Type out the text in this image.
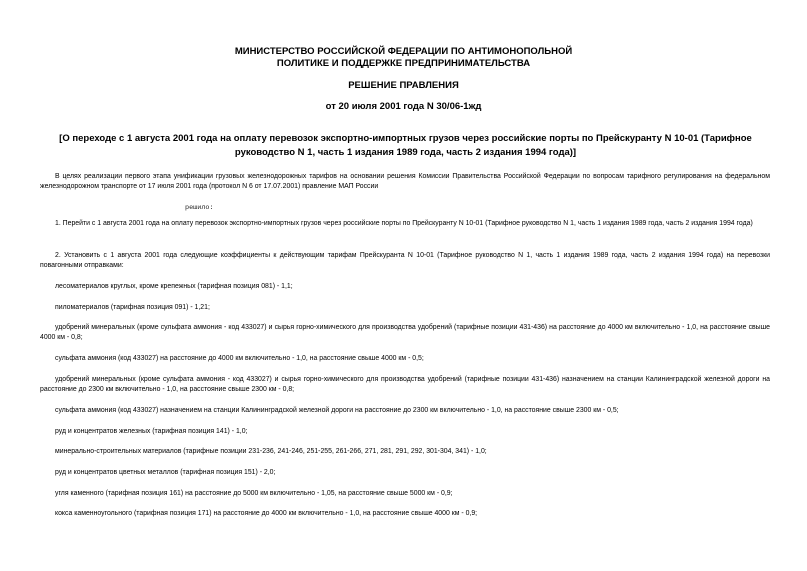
МИНИСТЕРСТВО РОССИЙСКОЙ ФЕДЕРАЦИИ ПО АНТИМОНОПОЛЬНОЙ
ПОЛИТИКЕ И ПОДДЕРЖКЕ ПРЕДПРИНИМАТЕЛЬСТВА
РЕШЕНИЕ ПРАВЛЕНИЯ
от 20 июля 2001 года N 30/06-1жд
[О переходе с 1 августа 2001 года на оплату перевозок экспортно-импортных грузов через российские порты по Прейскуранту N 10-01 (Тарифное руководство N 1, часть 1 издания 1989 года, часть 2 издания 1994 года)]
В целях реализации первого этапа унификации грузовых железнодорожных тарифов на основании решения Комиссии Правительства Российской Федерации по вопросам тарифного регулирования на федеральном железнодорожном транспорте от 17 июля 2001 года (протокол N 6 от 17.07.2001) правление МАП России
решило:
1. Перейти с 1 августа 2001 года на оплату перевозок экспортно-импортных грузов через российские порты по Прейскуранту N 10-01 (Тарифное руководство N 1, часть 1 издания 1989 года, часть 2 издания 1994 года)
2. Установить с 1 августа 2001 года следующие коэффициенты к действующим тарифам Прейскуранта N 10-01 (Тарифное руководство N 1, часть 1 издания 1989 года, часть 2 издания 1994 года) на перевозки повагонными отправками:
лесоматериалов круглых, кроме крепежных (тарифная позиция 081) - 1,1;
пиломатериалов (тарифная позиция 091) - 1,21;
удобрений минеральных (кроме сульфата аммония - код 433027) и сырья горно-химического для производства удобрений (тарифные позиции 431-436) на расстояние до 4000 км включительно - 1,0, на расстояние свыше 4000 км - 0,8;
сульфата аммония (код 433027) на расстояние до 4000 км включительно - 1,0, на расстояние свыше 4000 км - 0,5;
удобрений минеральных (кроме сульфата аммония - код 433027) и сырья горно-химического для производства удобрений (тарифные позиции 431-436) назначением на станции Калининградской железной дороги на расстояние до 2300 км включительно - 1,0, на расстояние свыше 2300 км - 0,8;
сульфата аммония (код 433027) назначением на станции Калининградской железной дороги на расстояние до 2300 км включительно - 1,0, на расстояние свыше 2300 км - 0,5;
руд и концентратов железных (тарифная позиция 141) - 1,0;
минерально-строительных материалов (тарифные позиции 231-236, 241-246, 251-255, 261-266, 271, 281, 291, 292, 301-304, 341) - 1,0;
руд и концентратов цветных металлов (тарифная позиция 151) - 2,0;
угля каменного (тарифная позиция 161) на расстояние до 5000 км включительно - 1,05, на расстояние свыше 5000 км - 0,9;
кокса каменноугольного (тарифная позиция 171) на расстояние до 4000 км включительно - 1,0, на расстояние свыше 4000 км - 0,9;
